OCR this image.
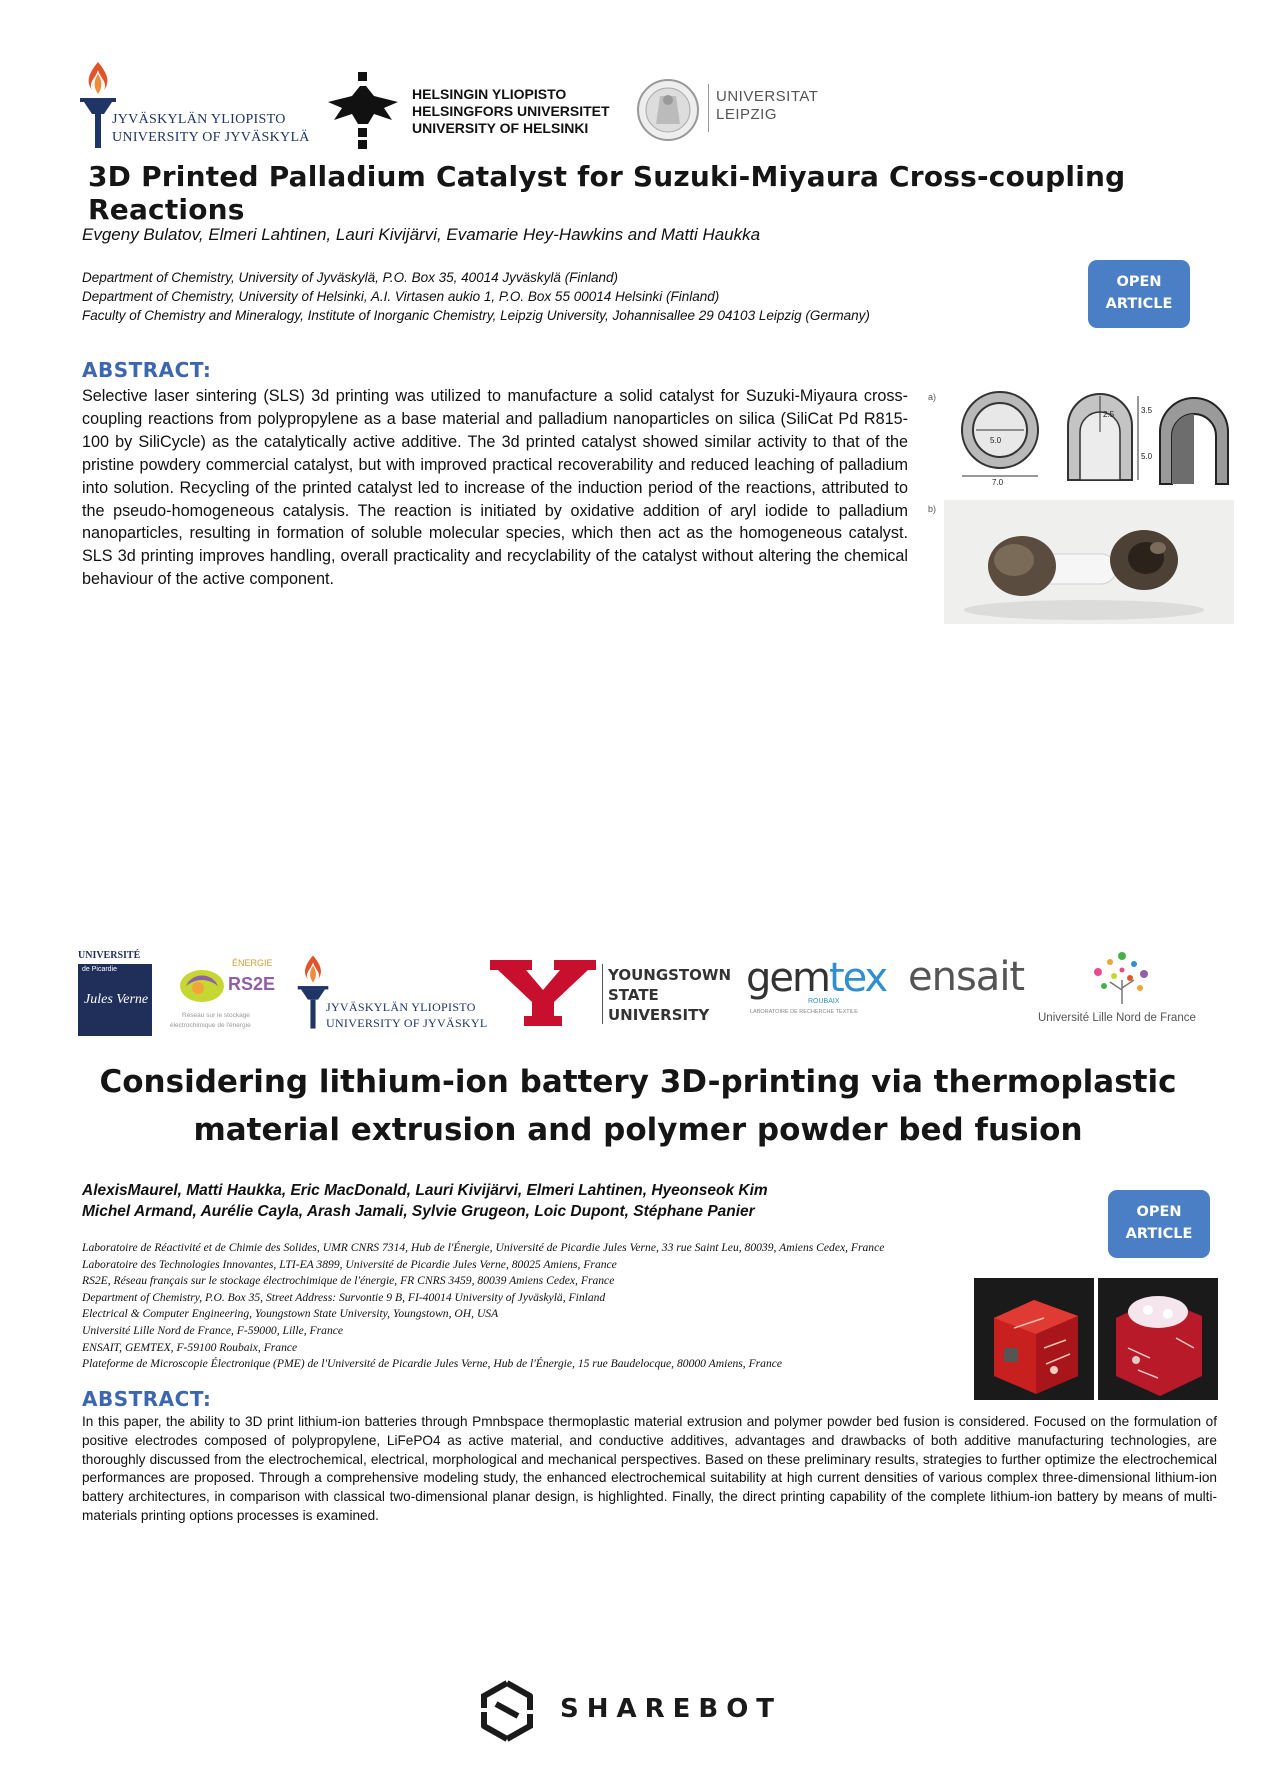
JYVÄSKYLÄN YLIOPISTO
UNIVERSITY OF JYVÄSKYLÄ
HELSINGIN YLIOPISTO
HELSINGFORS UNIVERSITET
UNIVERSITY OF HELSINKI
UNIVERSITAT
LEIPZIG
3D Printed Palladium Catalyst for Suzuki-Miyaura Cross-coupling Reactions
Evgeny Bulatov, Elmeri Lahtinen, Lauri Kivijärvi, Evamarie Hey-Hawkins and Matti Haukka
Department of Chemistry, University of Jyväskylä, P.O. Box 35, 40014 Jyväskylä (Finland)
Department of Chemistry, University of Helsinki, A.I. Virtasen aukio 1, P.O. Box 55 00014 Helsinki (Finland)
Faculty of Chemistry and Mineralogy, Institute of Inorganic Chemistry, Leipzig University, Johannisallee 29 04103 Leipzig (Germany)
OPEN
ARTICLE
ABSTRACT:
Selective laser sintering (SLS) 3d printing was utilized to manufacture a solid catalyst for Suzuki-Miyaura cross-coupling reactions from polypropylene as a base material and palladium nanoparticles on silica (SiliCat Pd R815-100 by SiliCycle) as the catalytically active additive. The 3d printed catalyst showed similar activity to that of the pristine powdery commercial catalyst, but with improved practical recoverability and reduced leaching of palladium into solution. Recycling of the printed catalyst led to increase of the induction period of the reactions, attributed to the pseudo-homogeneous catalysis. The reaction is initiated by oxidative addition of aryl iodide to palladium nanoparticles, resulting in formation of soluble molecular species, which then act as the homogeneous catalyst. SLS 3d printing improves handling, overall practicality and recyclability of the catalyst without altering the chemical behaviour of the active component.
a)
5.0
7.0
2.5	3.5
5.0
b)
UNIVERSITÉ
de Picardie
Jules Verne
ÉNERGIE
RS2E
Réseau sur le stockage
électrochimique de l'énergie
JYVÄSKYLÄN YLIOPISTO
UNIVERSITY OF JYVÄSKYL
YOUNGSTOWN
STATE
UNIVERSITY
gemtex
ROUBAIX
LABORATOIRE DE RECHERCHE TEXTILE
ensait
Université Lille Nord de France
Considering lithium-ion battery 3D-printing via thermoplastic
material extrusion and polymer powder bed fusion
AlexisMaurel, Matti Haukka, Eric MacDonald, Lauri Kivijärvi, Elmeri Lahtinen, Hyeonseok Kim
Michel Armand, Aurélie Cayla, Arash Jamali, Sylvie Grugeon, Loic Dupont, Stéphane Panier	OPEN
ARTICLE
Laboratoire de Réactivité et de Chimie des Solides, UMR CNRS 7314, Hub de l'Énergie, Université de Picardie Jules Verne, 33 rue Saint Leu, 80039, Amiens Cedex, France
Laboratoire des Technologies Innovantes, LTI-EA 3899, Université de Picardie Jules Verne, 80025 Amiens, France
RS2E, Réseau français sur le stockage électrochimique de l'énergie, FR CNRS 3459, 80039 Amiens Cedex, France
Department of Chemistry, P.O. Box 35, Street Address: Survontie 9 B, FI-40014 University of Jyväskylä, Finland
Electrical & Computer Engineering, Youngstown State University, Youngstown, OH, USA
Université Lille Nord de France, F-59000, Lille, France
ENSAIT, GEMTEX, F-59100 Roubaix, France
Plateforme de Microscopie Électronique (PME) de l'Université de Picardie Jules Verne, Hub de l'Énergie, 15 rue Baudelocque, 80000 Amiens, France
ABSTRACT:
In this paper, the ability to 3D print lithium-ion batteries through Pmnbspace thermoplastic material extrusion and polymer powder bed fusion is considered. Focused on the formulation of positive electrodes composed of polypropylene, LiFePO4 as active material, and conductive additives, advantages and drawbacks of both additive manufacturing technologies, are thoroughly discussed from the electrochemical, electrical, morphological and mechanical perspectives. Based on these preliminary results, strategies to further optimize the electrochemical performances are proposed. Through a comprehensive modeling study, the enhanced electrochemical suitability at high current densities of various complex three-dimensional lithium-ion battery architectures, in comparison with classical two-dimensional planar design, is highlighted. Finally, the direct printing capability of the complete lithium-ion battery by means of multi-materials printing options processes is examined.
SHAREBOT
